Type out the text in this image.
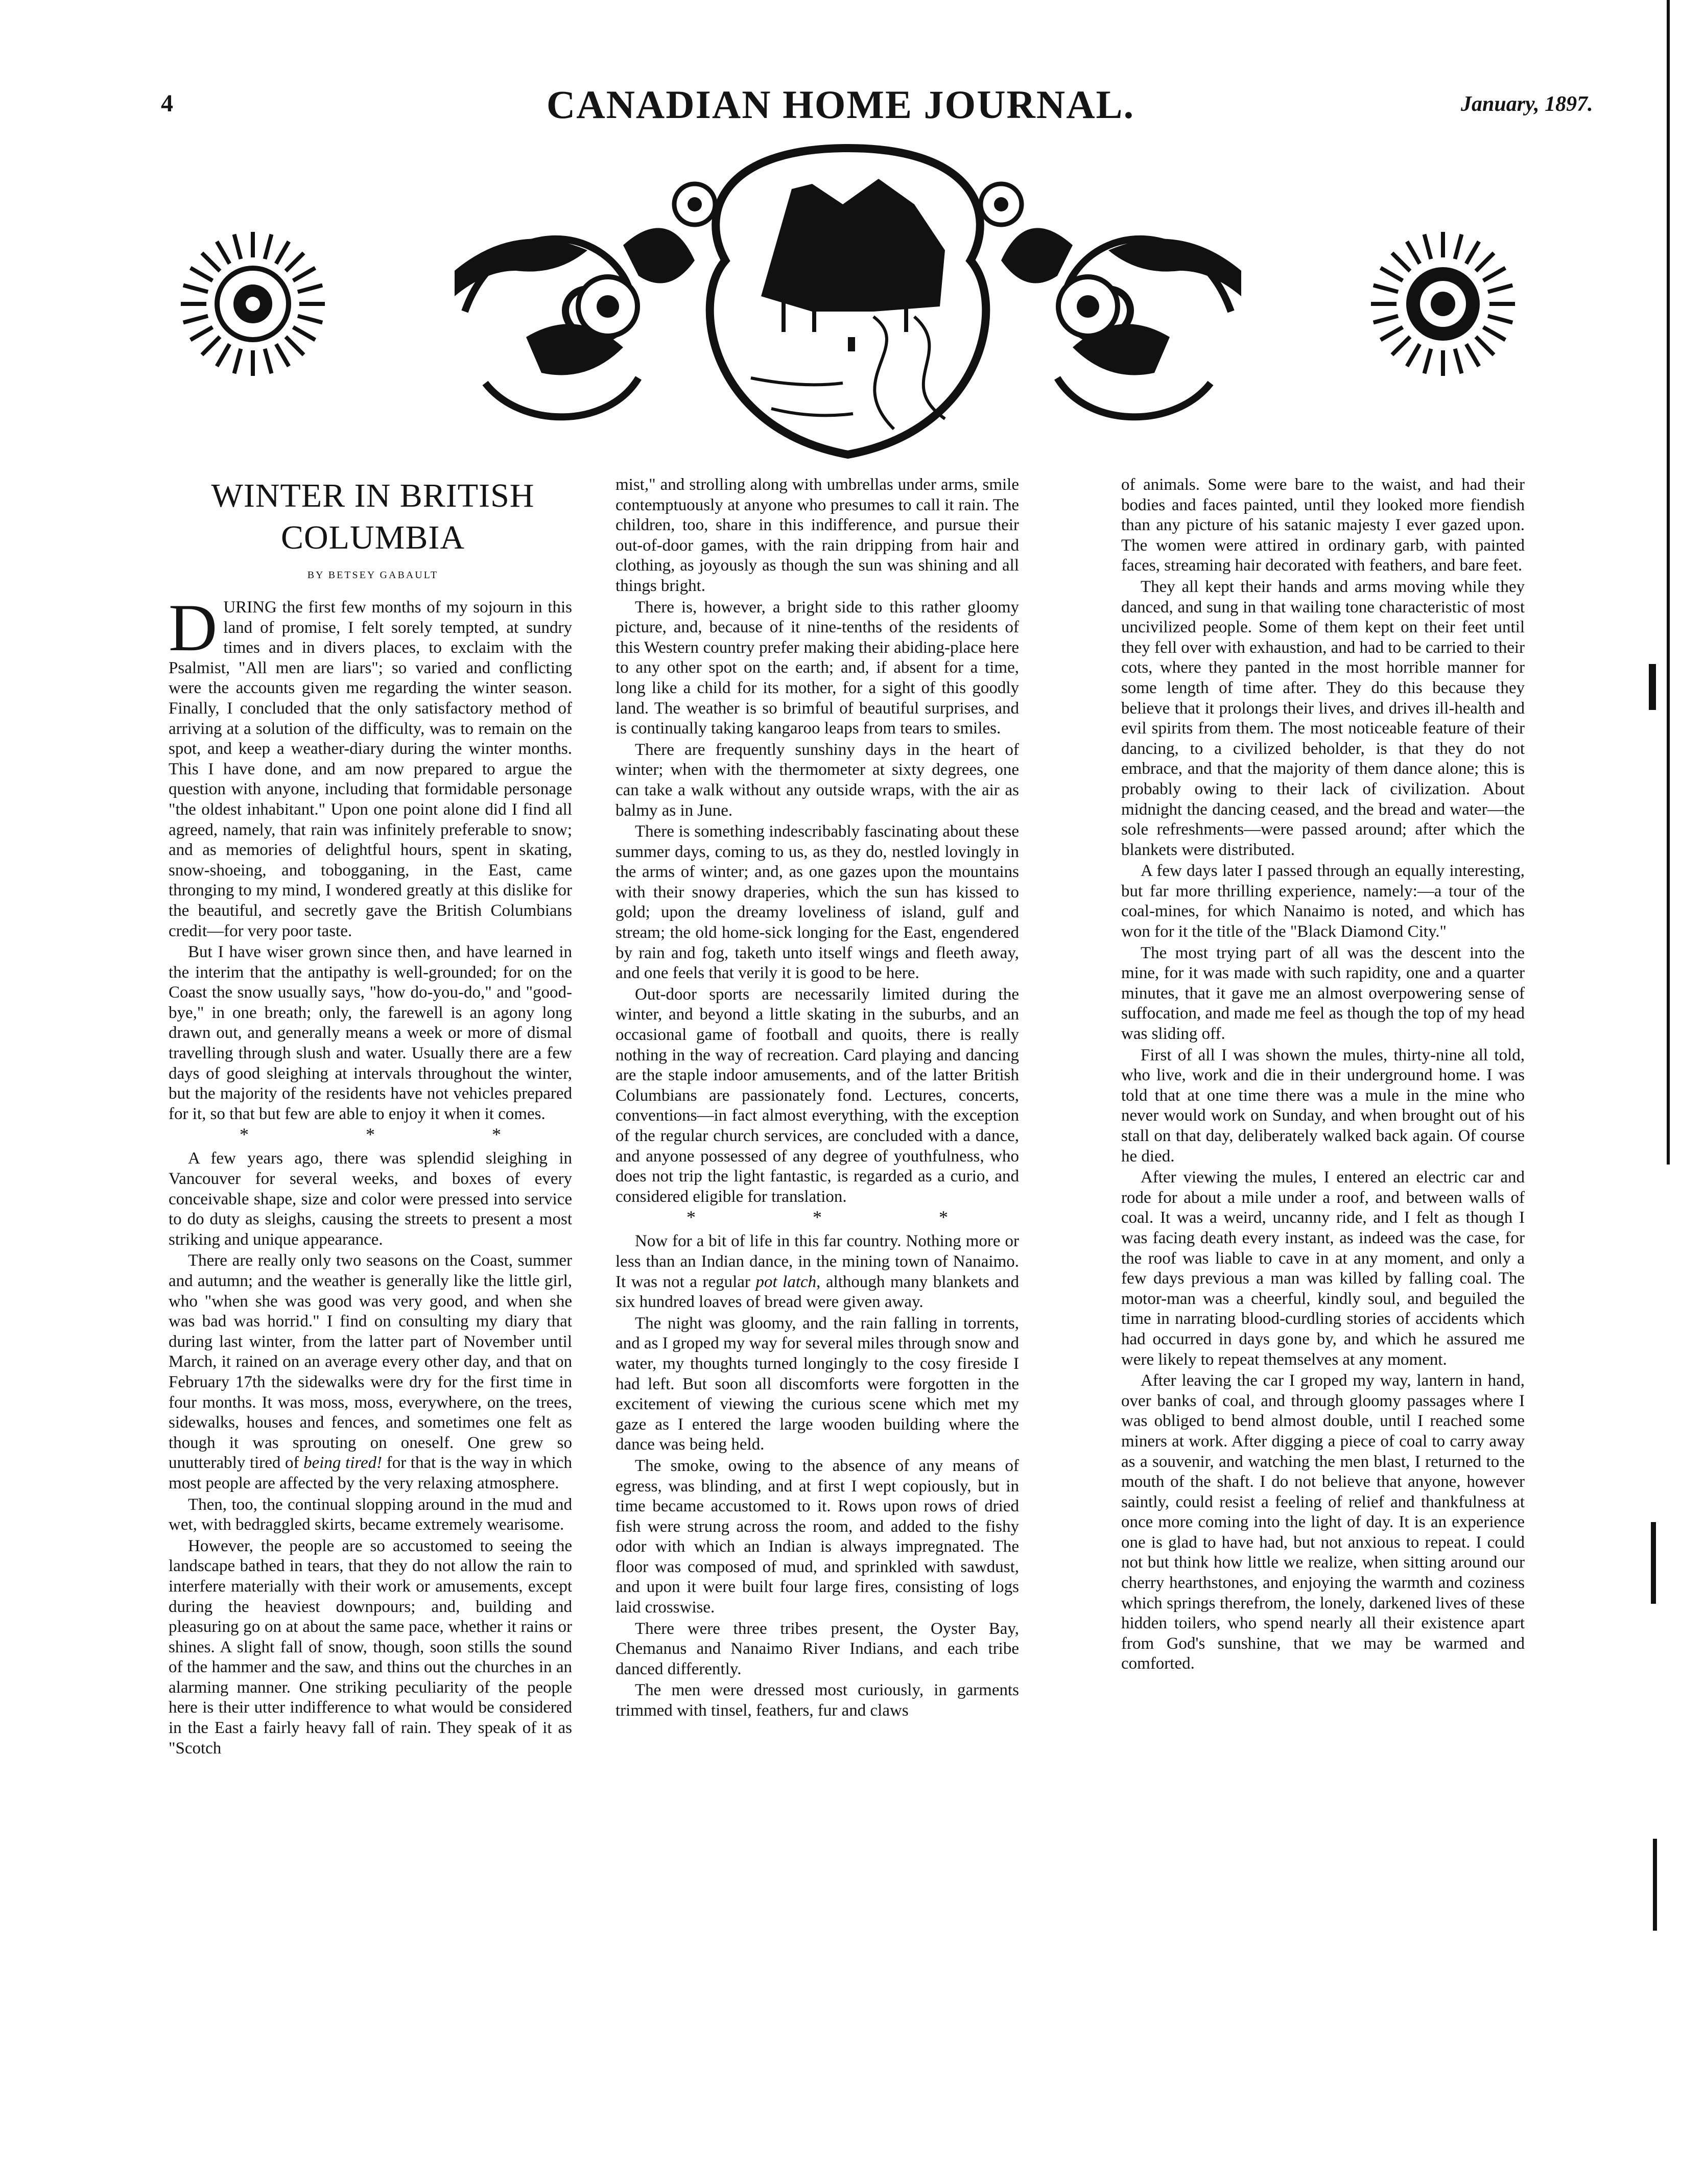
4	CANADIAN HOME JOURNAL.	January, 1897.
WINTER IN BRITISH
COLUMBIA
BY BETSEY GABAULT

DURING the first few months of my sojourn in this land of promise, I felt sorely tempted, at sundry times and in divers places, to exclaim with the Psalmist, "All men are liars"; so varied and conflicting were the accounts given me regarding the winter season. Finally, I concluded that the only satisfactory method of arriving at a solution of the difficulty, was to remain on the spot, and keep a weather-diary during the winter months. This I have done, and am now prepared to argue the question with anyone, including that formidable personage "the oldest inhabitant." Upon one point alone did I find all agreed, namely, that rain was infinitely preferable to snow; and as memories of delightful hours, spent in skating, snow-shoeing, and tobogganing, in the East, came thronging to my mind, I wondered greatly at this dislike for the beautiful, and secretly gave the British Columbians credit—for very poor taste.

But I have wiser grown since then, and have learned in the interim that the antipathy is well-grounded; for on the Coast the snow usually says, "how do-you-do," and "good-bye," in one breath; only, the farewell is an agony long drawn out, and generally means a week or more of dismal travelling through slush and water. Usually there are a few days of good sleighing at intervals throughout the winter, but the majority of the residents have not vehicles prepared for it, so that but few are able to enjoy it when it comes.

* * *

A few years ago, there was splendid sleighing in Vancouver for several weeks, and boxes of every conceivable shape, size and color were pressed into service to do duty as sleighs, causing the streets to present a most striking and unique appearance.

There are really only two seasons on the Coast, summer and autumn; and the weather is generally like the little girl, who "when she was good was very good, and when she was bad was horrid." I find on consulting my diary that during last winter, from the latter part of November until March, it rained on an average every other day, and that on February 17th the sidewalks were dry for the first time in four months. It was moss, moss, everywhere, on the trees, sidewalks, houses and fences, and sometimes one felt as though it was sprouting on oneself. One grew so unutterably tired of being tired! for that is the way in which most people are affected by the very relaxing atmosphere.

Then, too, the continual slopping around in the mud and wet, with bedraggled skirts, became extremely wearisome.

However, the people are so accustomed to seeing the landscape bathed in tears, that they do not allow the rain to interfere materially with their work or amusements, except during the heaviest downpours; and, building and pleasuring go on at about the same pace, whether it rains or shines. A slight fall of snow, though, soon stills the sound of the hammer and the saw, and thins out the churches in an alarming manner. One striking peculiarity of the people here is their utter indifference to what would be considered in the East a fairly heavy fall of rain. They speak of it as "Scotch

mist," and strolling along with umbrellas under arms, smile contemptuously at anyone who presumes to call it rain. The children, too, share in this indifference, and pursue their out-of-door games, with the rain dripping from hair and clothing, as joyously as though the sun was shining and all things bright.

There is, however, a bright side to this rather gloomy picture, and, because of it nine-tenths of the residents of this Western country prefer making their abiding-place here to any other spot on the earth; and, if absent for a time, long like a child for its mother, for a sight of this goodly land. The weather is so brimful of beautiful surprises, and is continually taking kangaroo leaps from tears to smiles.

There are frequently sunshiny days in the heart of winter; when with the thermometer at sixty degrees, one can take a walk without any outside wraps, with the air as balmy as in June.

There is something indescribably fascinating about these summer days, coming to us, as they do, nestled lovingly in the arms of winter; and, as one gazes upon the mountains with their snowy draperies, which the sun has kissed to gold; upon the dreamy loveliness of island, gulf and stream; the old home-sick longing for the East, engendered by rain and fog, taketh unto itself wings and fleeth away, and one feels that verily it is good to be here.

Out-door sports are necessarily limited during the winter, and beyond a little skating in the suburbs, and an occasional game of football and quoits, there is really nothing in the way of recreation. Card playing and dancing are the staple indoor amusements, and of the latter British Columbians are passionately fond. Lectures, concerts, conventions—in fact almost everything, with the exception of the regular church services, are concluded with a dance, and anyone possessed of any degree of youthfulness, who does not trip the light fantastic, is regarded as a curio, and considered eligible for translation.

* * *

Now for a bit of life in this far country. Nothing more or less than an Indian dance, in the mining town of Nanaimo. It was not a regular pot latch, although many blankets and six hundred loaves of bread were given away.

The night was gloomy, and the rain falling in torrents, and as I groped my way for several miles through snow and water, my thoughts turned longingly to the cosy fireside I had left. But soon all discomforts were forgotten in the excitement of viewing the curious scene which met my gaze as I entered the large wooden building where the dance was being held.

The smoke, owing to the absence of any means of egress, was blinding, and at first I wept copiously, but in time became accustomed to it. Rows upon rows of dried fish were strung across the room, and added to the fishy odor with which an Indian is always impregnated. The floor was composed of mud, and sprinkled with sawdust, and upon it were built four large fires, consisting of logs laid crosswise.

There were three tribes present, the Oyster Bay, Chemanus and Nanaimo River Indians, and each tribe danced differently.

The men were dressed most curiously, in garments trimmed with tinsel, feathers, fur and claws

of animals. Some were bare to the waist, and had their bodies and faces painted, until they looked more fiendish than any picture of his satanic majesty I ever gazed upon. The women were attired in ordinary garb, with painted faces, streaming hair decorated with feathers, and bare feet.

They all kept their hands and arms moving while they danced, and sung in that wailing tone characteristic of most uncivilized people. Some of them kept on their feet until they fell over with exhaustion, and had to be carried to their cots, where they panted in the most horrible manner for some length of time after. They do this because they believe that it prolongs their lives, and drives ill-health and evil spirits from them. The most noticeable feature of their dancing, to a civilized beholder, is that they do not embrace, and that the majority of them dance alone; this is probably owing to their lack of civilization. About midnight the dancing ceased, and the bread and water—the sole refreshments—were passed around; after which the blankets were distributed.

A few days later I passed through an equally interesting, but far more thrilling experience, namely:—a tour of the coal-mines, for which Nanaimo is noted, and which has won for it the title of the "Black Diamond City."

The most trying part of all was the descent into the mine, for it was made with such rapidity, one and a quarter minutes, that it gave me an almost overpowering sense of suffocation, and made me feel as though the top of my head was sliding off.

First of all I was shown the mules, thirty-nine all told, who live, work and die in their underground home. I was told that at one time there was a mule in the mine who never would work on Sunday, and when brought out of his stall on that day, deliberately walked back again. Of course he died.

After viewing the mules, I entered an electric car and rode for about a mile under a roof, and between walls of coal. It was a weird, uncanny ride, and I felt as though I was facing death every instant, as indeed was the case, for the roof was liable to cave in at any moment, and only a few days previous a man was killed by falling coal. The motor-man was a cheerful, kindly soul, and beguiled the time in narrating blood-curdling stories of accidents which had occurred in days gone by, and which he assured me were likely to repeat themselves at any moment.

After leaving the car I groped my way, lantern in hand, over banks of coal, and through gloomy passages where I was obliged to bend almost double, until I reached some miners at work. After digging a piece of coal to carry away as a souvenir, and watching the men blast, I returned to the mouth of the shaft. I do not believe that anyone, however saintly, could resist a feeling of relief and thankfulness at once more coming into the light of day. It is an experience one is glad to have had, but not anxious to repeat. I could not but think how little we realize, when sitting around our cherry hearthstones, and enjoying the warmth and coziness which springs therefrom, the lonely, darkened lives of these hidden toilers, who spend nearly all their existence apart from God's sunshine, that we may be warmed and comforted.
